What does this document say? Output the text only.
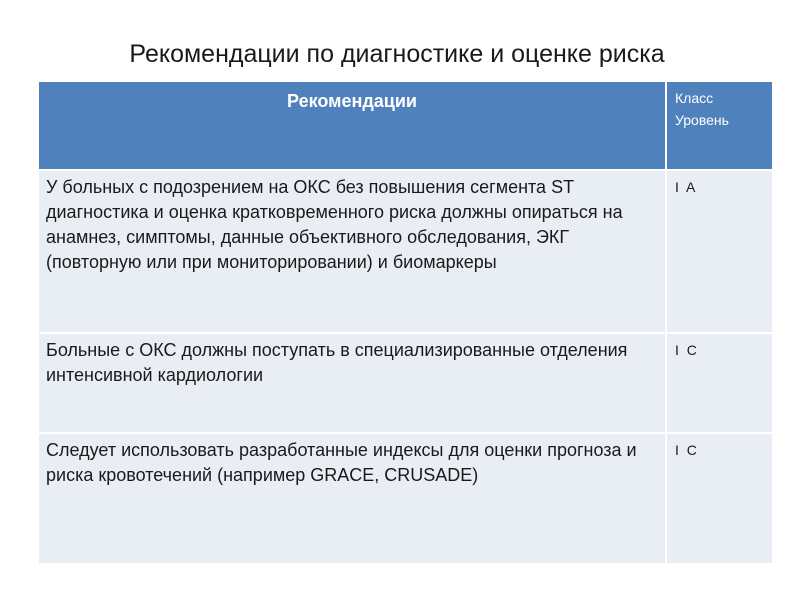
Рекомендации по диагностике и оценке риска
Рекомендации	Класс
Уровень

У больных с подозрением на ОКС без повышения сегмента ST диагностика и оценка кратковременного риска должны опираться на анамнез, симптомы, данные объективного обследования, ЭКГ (повторную или при мониторировании) и биомаркеры	I A
Больные с ОКС должны поступать в специализированные отделения интенсивной кардиологии	I C
Следует использовать разработанные индексы для оценки прогноза и риска кровотечений (например GRACE, CRUSADE)	I C
